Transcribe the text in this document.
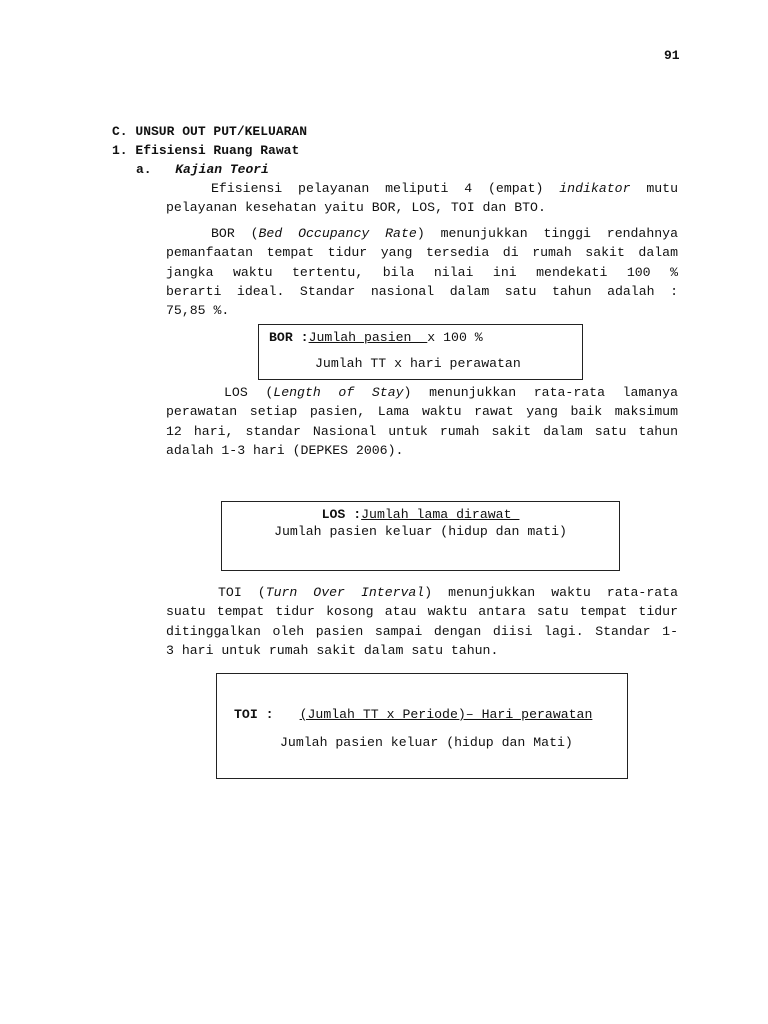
91
C. UNSUR OUT PUT/KELUARAN
1. Efisiensi Ruang Rawat
a. Kajian Teori
Efisiensi pelayanan meliputi 4 (empat) indikator mutu
pelayanan kesehatan yaitu BOR, LOS, TOI dan BTO.
BOR (Bed Occupancy Rate) menunjukkan tinggi rendahnya
pemanfaatan tempat tidur yang tersedia di rumah sakit dalam
jangka waktu tertentu, bila nilai ini mendekati 100 %
berarti ideal. Standar nasional dalam satu tahun adalah :
75,85 %.
BOR :Jumlah pasien  x 100 %
Jumlah TT x hari perawatan
LOS (Length of Stay) menunjukkan rata-rata lamanya
perawatan setiap pasien, Lama waktu rawat yang baik maksimum
12 hari, standar Nasional untuk rumah sakit dalam satu tahun
adalah 1-3 hari (DEPKES 2006).
LOS :Jumlah lama dirawat_
Jumlah pasien keluar (hidup dan mati)
TOI (Turn Over Interval) menunjukkan waktu rata-rata
suatu tempat tidur kosong atau waktu antara satu tempat tidur
ditinggalkan oleh pasien sampai dengan diisi lagi. Standar 1-
3 hari untuk rumah sakit dalam satu tahun.
TOI : (Jumlah TT x Periode)– Hari perawatan
Jumlah pasien keluar (hidup dan Mati)
